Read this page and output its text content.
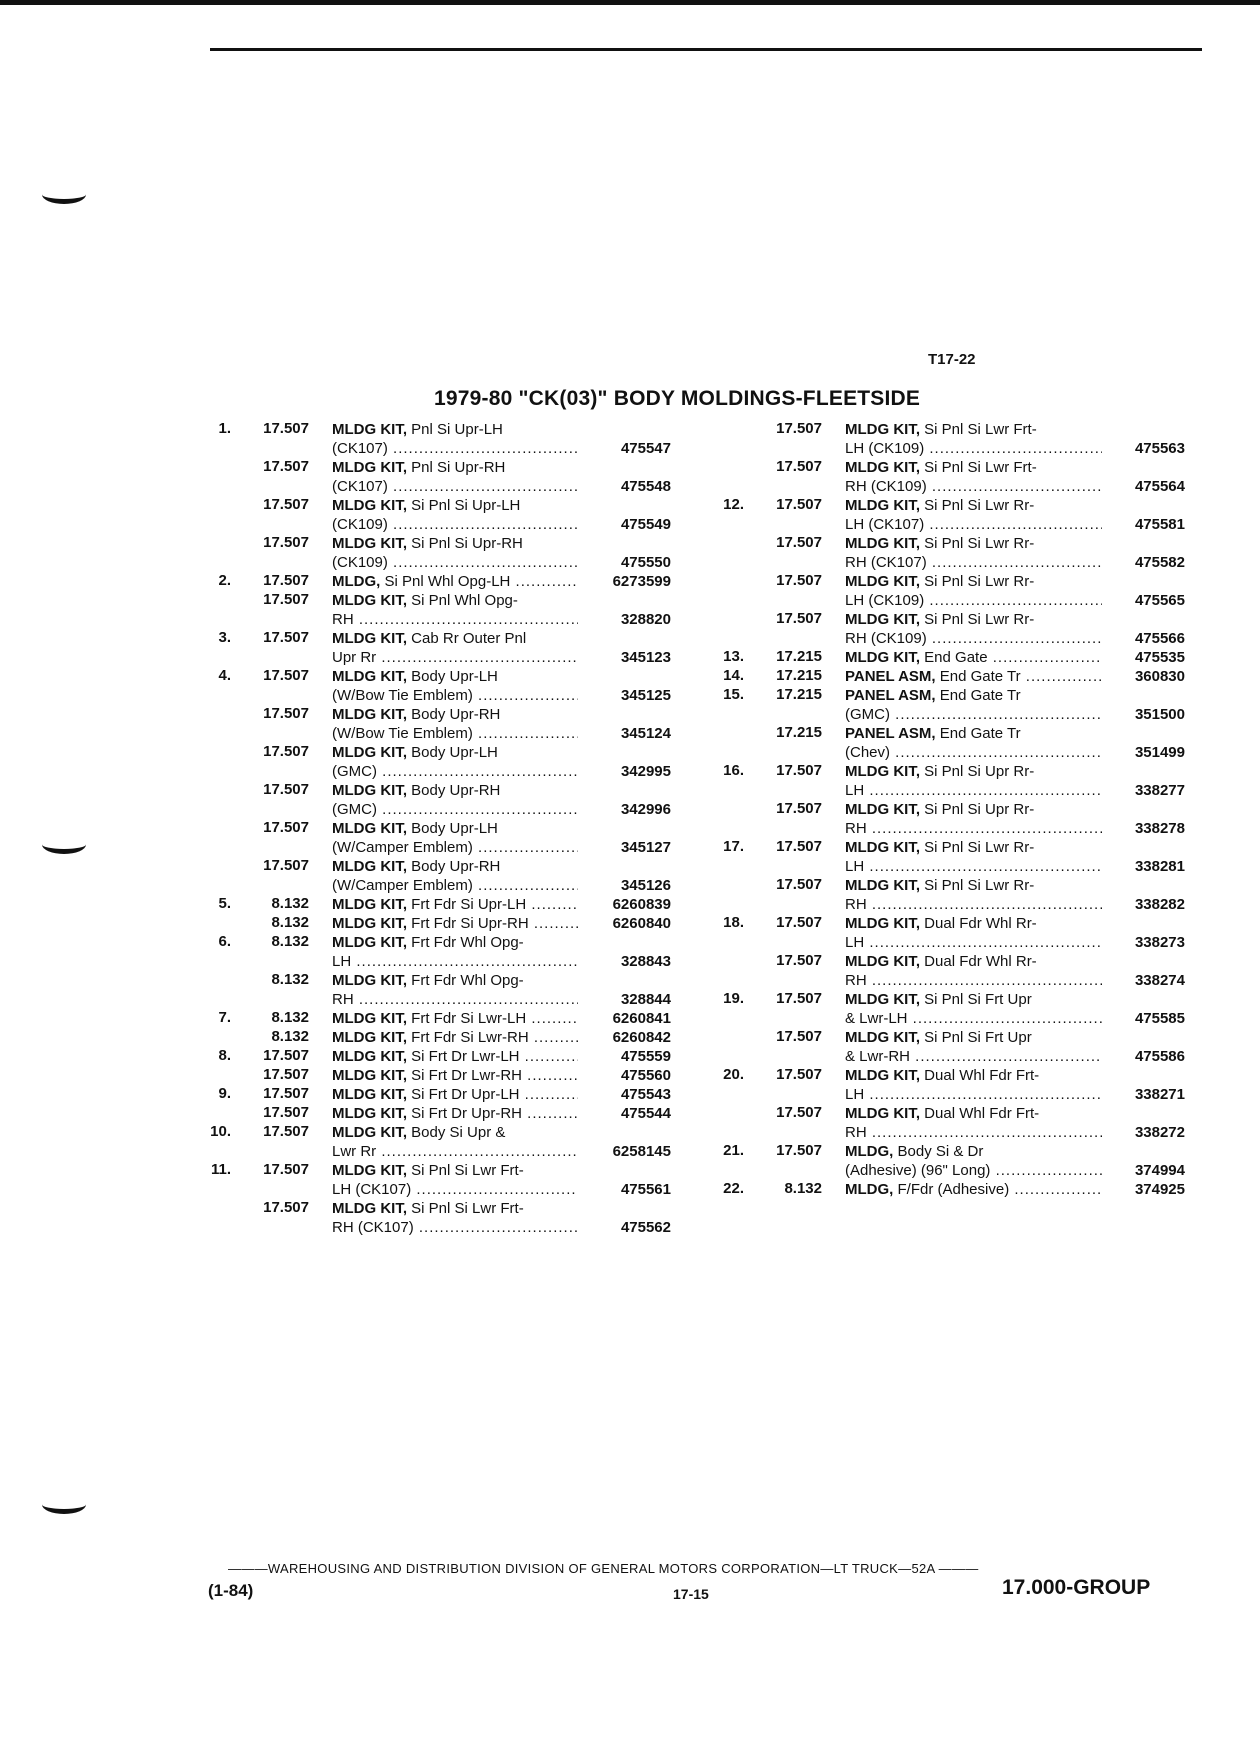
T17-22
1979-80 "CK(03)" BODY MOLDINGS-FLEETSIDE
1.	17.507 MLDG KIT, Pnl Si Upr-LH
(CK107) .....	475547
17.507 MLDG KIT, Pnl Si Upr-RH
(CK107) .....	475548
17.507 MLDG KIT, Si Pnl Si Upr-LH
(CK109) .....	475549
17.507 MLDG KIT, Si Pnl Si Upr-RH
(CK109) .....	475550
2.	17.507 MLDG, Si Pnl Whl Opg-LH .....	6273599
17.507 MLDG KIT, Si Pnl Whl Opg-
RH .....	328820
3.	17.507 MLDG KIT, Cab Rr Outer Pnl
Upr Rr .....	345123
4.	17.507 MLDG KIT, Body Upr-LH
(W/Bow Tie Emblem) .....	345125
17.507 MLDG KIT, Body Upr-RH
(W/Bow Tie Emblem) .....	345124
17.507 MLDG KIT, Body Upr-LH
(GMC) .....	342995
17.507 MLDG KIT, Body Upr-RH
(GMC) .....	342996
17.507 MLDG KIT, Body Upr-LH
(W/Camper Emblem) .....	345127
17.507 MLDG KIT, Body Upr-RH
(W/Camper Emblem) .....	345126
5.	8.132 MLDG KIT, Frt Fdr Si Upr-LH .....	6260839
8.132 MLDG KIT, Frt Fdr Si Upr-RH .....	6260840
6.	8.132 MLDG KIT, Frt Fdr Whl Opg-
LH .....	328843
8.132 MLDG KIT, Frt Fdr Whl Opg-
RH .....	328844
7.	8.132 MLDG KIT, Frt Fdr Si Lwr-LH .....	6260841
8.132 MLDG KIT, Frt Fdr Si Lwr-RH .....	6260842
8.	17.507 MLDG KIT, Si Frt Dr Lwr-LH .....	475559
17.507 MLDG KIT, Si Frt Dr Lwr-RH .....	475560
9.	17.507 MLDG KIT, Si Frt Dr Upr-LH .....	475543
17.507 MLDG KIT, Si Frt Dr Upr-RH .....	475544
10.	17.507 MLDG KIT, Body Si Upr &
Lwr Rr .....	6258145
11.	17.507 MLDG KIT, Si Pnl Si Lwr Frt-
LH (CK107) .....	475561
17.507 MLDG KIT, Si Pnl Si Lwr Frt-
RH (CK107) .....	475562
17.507 MLDG KIT, Si Pnl Si Lwr Frt-
LH (CK109) .....	475563
17.507 MLDG KIT, Si Pnl Si Lwr Frt-
RH (CK109) .....	475564
12.	17.507 MLDG KIT, Si Pnl Si Lwr Rr-
LH (CK107) .....	475581
17.507 MLDG KIT, Si Pnl Si Lwr Rr-
RH (CK107) .....	475582
17.507 MLDG KIT, Si Pnl Si Lwr Rr-
LH (CK109) .....	475565
17.507 MLDG KIT, Si Pnl Si Lwr Rr-
RH (CK109) .....	475566
13.	17.215 MLDG KIT, End Gate .....	475535
14.	17.215 PANEL ASM, End Gate Tr .....	360830
15.	17.215 PANEL ASM, End Gate Tr
(GMC) .....	351500
17.215 PANEL ASM, End Gate Tr
(Chev) .....	351499
16.	17.507 MLDG KIT, Si Pnl Si Upr Rr-
LH .....	338277
17.507 MLDG KIT, Si Pnl Si Upr Rr-
RH .....	338278
17.	17.507 MLDG KIT, Si Pnl Si Lwr Rr-
LH .....	338281
17.507 MLDG KIT, Si Pnl Si Lwr Rr-
RH .....	338282
18.	17.507 MLDG KIT, Dual Fdr Whl Rr-
LH .....	338273
17.507 MLDG KIT, Dual Fdr Whl Rr-
RH .....	338274
19.	17.507 MLDG KIT, Si Pnl Si Frt Upr
& Lwr-LH .....	475585
17.507 MLDG KIT, Si Pnl Si Frt Upr
& Lwr-RH .....	475586
20.	17.507 MLDG KIT, Dual Whl Fdr Frt-
LH .....	338271
17.507 MLDG KIT, Dual Whl Fdr Frt-
RH .....	338272
21.	17.507 MLDG, Body Si & Dr
(Adhesive) (96" Long) .....	374994
22.	8.132 MLDG, F/Fdr (Adhesive) .....	374925
———WAREHOUSING AND DISTRIBUTION DIVISION OF GENERAL MOTORS CORPORATION—LT TRUCK—52A ———
(1-84)	17-15	17.000-GROUP
